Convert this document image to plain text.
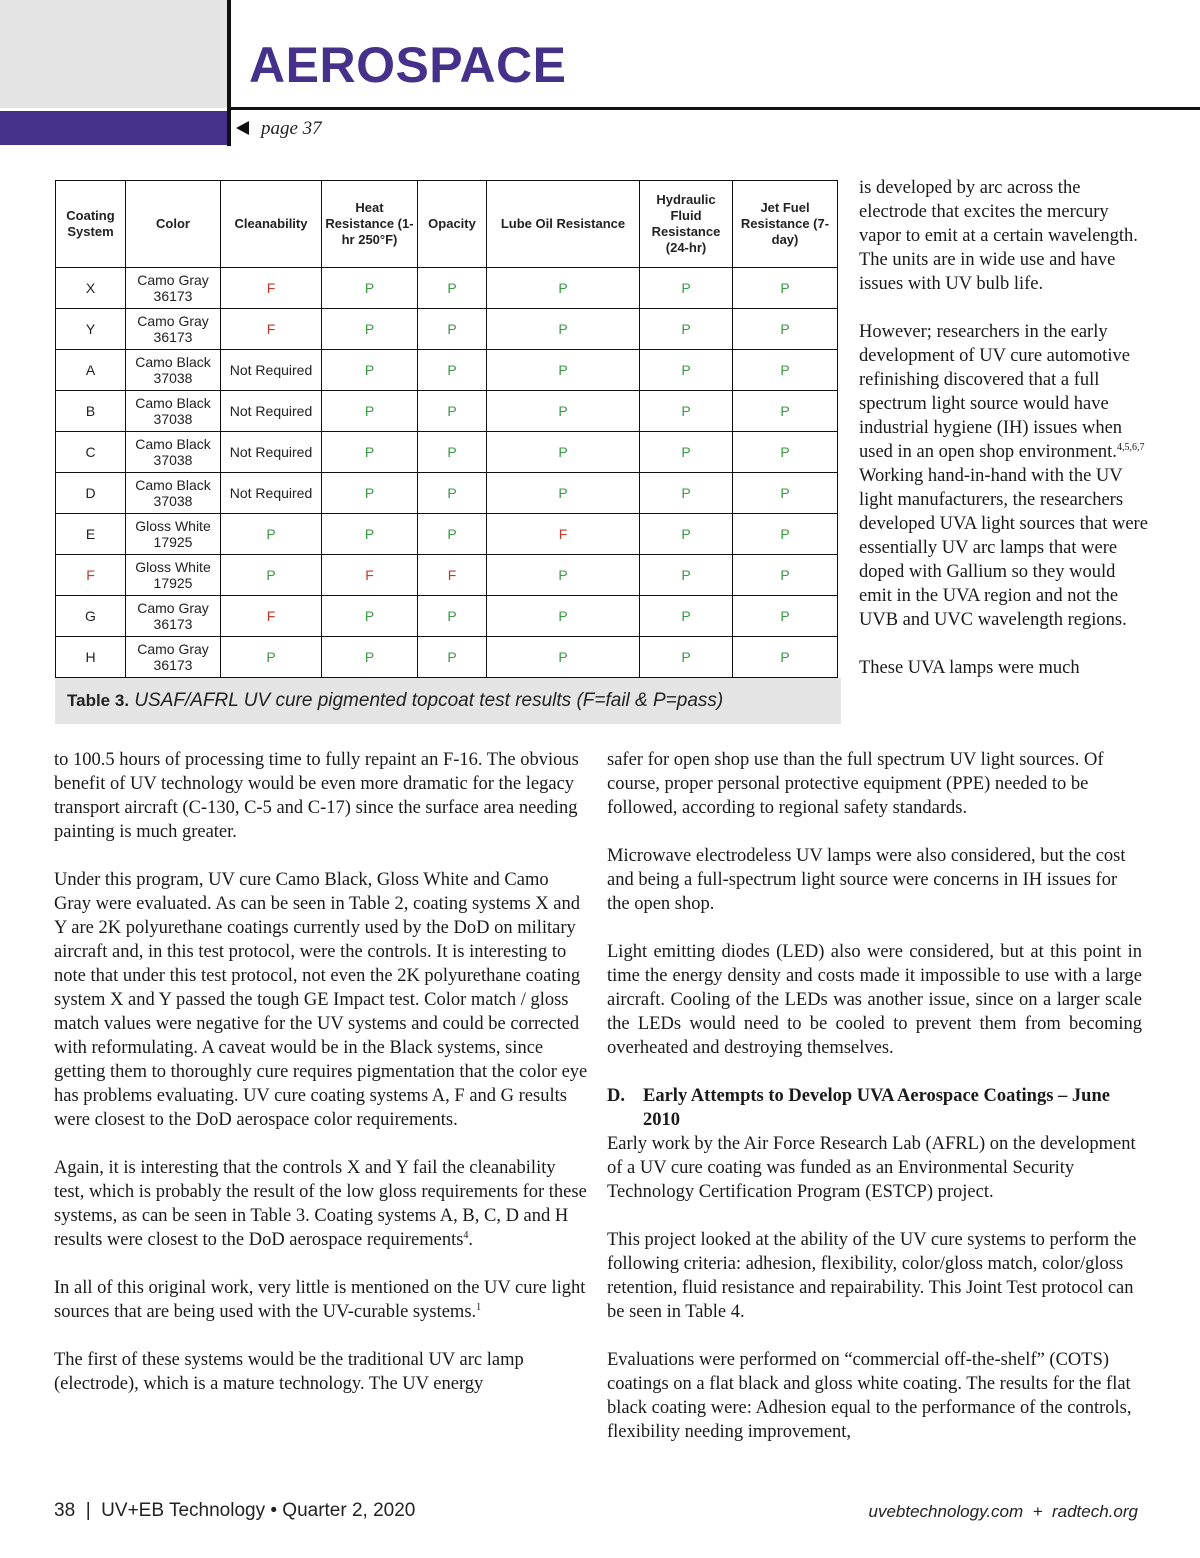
AEROSPACE
page 37
Coating System	Color	Cleanability	Heat Resistance (1-hr 250°F)	Opacity	Lube Oil Resistance	Hydraulic Fluid Resistance (24-hr)	Jet Fuel Resistance (7-day)
X	Camo Gray 36173	F	P	P	P	P	P
Y	Camo Gray 36173	F	P	P	P	P	P
A	Camo Black 37038	Not Required	P	P	P	P	P
B	Camo Black 37038	Not Required	P	P	P	P	P
C	Camo Black 37038	Not Required	P	P	P	P	P
D	Camo Black 37038	Not Required	P	P	P	P	P
E	Gloss White 17925	P	P	P	F	P	P
F	Gloss White 17925	P	F	F	P	P	P
G	Camo Gray 36173	F	P	P	P	P	P
H	Camo Gray 36173	P	P	P	P	P	P
Table 3. USAF/AFRL UV cure pigmented topcoat test results (F=fail & P=pass)

is developed by arc across the electrode that excites the mercury vapor to emit at a certain wavelength. The units are in wide use and have issues with UV bulb life.

However; researchers in the early development of UV cure automotive refinishing discovered that a full spectrum light source would have industrial hygiene (IH) issues when used in an open shop environment.$^{4,5,6,7}$ Working hand-in-hand with the UV light manufacturers, the researchers developed UVA light sources that were essentially UV arc lamps that were doped with Gallium so they would emit in the UVA region and not the UVB and UVC wavelength regions.

These UVA lamps were much

to 100.5 hours of processing time to fully repaint an F-16. The obvious benefit of UV technology would be even more dramatic for the legacy transport aircraft (C-130, C-5 and C-17) since the surface area needing painting is much greater.

Under this program, UV cure Camo Black, Gloss White and Camo Gray were evaluated. As can be seen in Table 2, coating systems X and Y are 2K polyurethane coatings currently used by the DoD on military aircraft and, in this test protocol, were the controls. It is interesting to note that under this test protocol, not even the 2K polyurethane coating system X and Y passed the tough GE Impact test. Color match / gloss match values were negative for the UV systems and could be corrected with reformulating. A caveat would be in the Black systems, since getting them to thoroughly cure requires pigmentation that the color eye has problems evaluating. UV cure coating systems A, F and G results were closest to the DoD aerospace color requirements.

Again, it is interesting that the controls X and Y fail the cleanability test, which is probably the result of the low gloss requirements for these systems, as can be seen in Table 3. Coating systems A, B, C, D and H results were closest to the DoD aerospace requirements$^4$.

In all of this original work, very little is mentioned on the UV cure light sources that are being used with the UV-curable systems.$^1$

The first of these systems would be the traditional UV arc lamp (electrode), which is a mature technology. The UV energy

safer for open shop use than the full spectrum UV light sources. Of course, proper personal protective equipment (PPE) needed to be followed, according to regional safety standards.

Microwave electrodeless UV lamps were also considered, but the cost and being a full-spectrum light source were concerns in IH issues for the open shop.

Light emitting diodes (LED) also were considered, but at this point in time the energy density and costs made it impossible to use with a large aircraft. Cooling of the LEDs was another issue, since on a larger scale the LEDs would need to be cooled to prevent them from becoming overheated and destroying themselves.

D. Early Attempts to Develop UVA Aerospace Coatings – June 2010

Early work by the Air Force Research Lab (AFRL) on the development of a UV cure coating was funded as an Environmental Security Technology Certification Program (ESTCP) project.

This project looked at the ability of the UV cure systems to perform the following criteria: adhesion, flexibility, color/gloss match, color/gloss retention, fluid resistance and repairability. This Joint Test protocol can be seen in Table 4.

Evaluations were performed on “commercial off-the-shelf” (COTS) coatings on a flat black and gloss white coating. The results for the flat black coating were: Adhesion equal to the performance of the controls, flexibility needing improvement,

38  |  UV+EB Technology • Quarter 2, 2020	uvebtechnology.com  +  radtech.org
